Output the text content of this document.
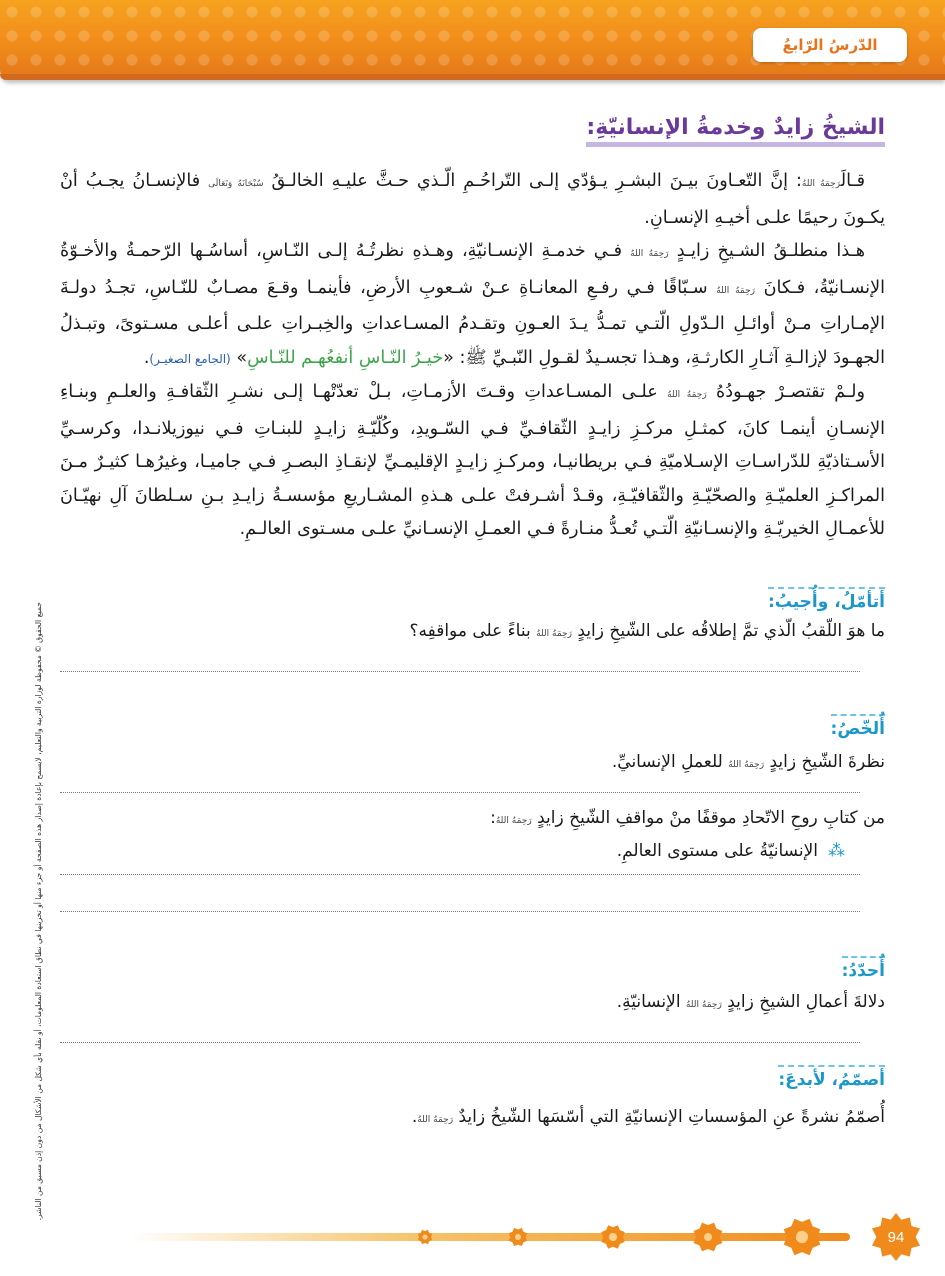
الدّرسُ الرّابعُ
جميع الحقوق © محفوظة لوزارة التربية والتعليم، لايسمح بإعادة إصدار هذه الصفحة أو جزء منها أو تخزينها في نطاق استعادة المعلومات، أو نقله بأي شكل من الأشكال من دون إذن مسبق من الناشر.
الشيخُ زايدٌ وخدمةُ الإنسانيّةِ:

قـالَرَحِمَهُ اللهُ: إنَّ التّعـاونَ بيـنَ البشـرِ يـؤدّي إلـى التّراحُـمِ الّـذي حـثَّ عليـهِ الخالـقُ سُبْحَانَهُ وَتَعَالَى فالإنسـانُ يجـبُ أنْ يكـونَ رحيمًا علـى أخيـهِ الإنسـانِ.

هـذا منطلـقُ الشـيخِ زايـدٍ رَحِمَهُ اللهُ فـي خدمـةِ الإنسـانيّةِ، وهـذهِ نظرتُـهُ إلـى النّـاسِ، أساسُـها الرّحمـةُ والأخـوّةُ الإنسـانيّةُ، فـكانَ رَحِمَهُ اللهُ سـبّاقًا فـي رفـعِ المعانـاةِ عـنْ شـعوبِ الأرضِ، فأينمـا وقـعَ مصـابٌ للنّـاسِ، تجـدُ دولـةَ الإمـاراتِ مـنْ أوائـلِ الـدّولِ الّتـي تمـدُّ يـدَ العـونِ وتقـدمُ المسـاعداتِ والخِبـراتِ علـى أعلـى مسـتوىً، وتبـذلُ الجهـودَ لإزالـةِ آثـارِ الكارثـةِ، وهـذا تجسـيدٌ لقـولِ النّبـيِّ ﷺ: «خيـرُ النّـاسِ أنفعُهـم للنّـاسِ» (الجامع الصغيـر).

ولـمْ تقتصـرْ جهـودُهُ رَحِمَهُ اللهُ علـى المسـاعداتِ وقـتَ الأزمـاتِ، بـلْ تعدّتْهـا إلـى نشـرِ الثّقافـةِ والعلـمِ وبنـاءِ الإنسـانِ أينمـا كانَ، كمثـلِ مركـزِ زايـدٍ الثّقافـيِّ فـي السّـويدِ، وكُلّيّـةِ زايـدٍ للبنـاتِ فـي نيوزيلانـدا، وكرسـيِّ الأسـتاذيّةِ للدّراسـاتِ الإسـلاميّةِ فـي بريطانيـا، ومركـزِ زايـدٍ الإقليمـيِّ لإنقـاذِ البصـرِ فـي جاميـا، وغيرُهـا كثيـرٌ مـنَ المراكـزِ العلميّـةِ والصحّيّـةِ والثّقافيّـةِ، وقـدْ أشـرفتْ علـى هـذهِ المشـاريعِ مؤسسـةُ زايـدِ بـنِ سـلطانَ آلِ نهيّـانَ للأعمـالِ الخيريّـةِ والإنسـانيّةِ الّتـي تُعـدُّ منـارةً فـي العمـلِ الإنسـانيِّ علـى مسـتوى العالـمِ.

أتأمّلُ، وأُجيبُ:

ما هوَ اللّقبُ الّذي تمَّ إطلاقُه على الشّيخِ زايدٍ رَحِمَهُ اللهُ بناءً على مواقفِه؟

أُلخّصُ:

نظرةَ الشّيخِ زايدٍ رَحِمَهُ اللهُ للعملِ الإنسانيِّ.

من كتابِ روحِ الاتّحادِ موقفًا منْ مواقفِ الشّيخِ زايدٍ رَحِمَهُ اللهُ:

⁂الإنسانيّةُ على مستوى العالمِ.

أُحدّدُ:

دلالةَ أعمالِ الشيخِ زايدٍ رَحِمَهُ اللهُ الإنسانيّةِ.

أصمّمُ، لأبدعَ:

أُصمّمُ نشرةً عنِ المؤسساتِ الإنسانيّةِ التي أسّسَها الشّيخُ زايدٌ رَحِمَهُ اللهُ.

94
